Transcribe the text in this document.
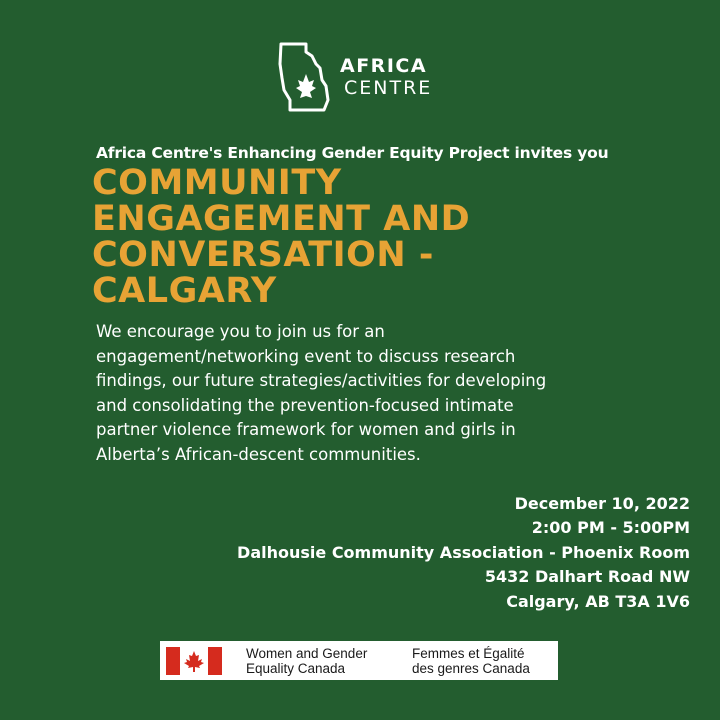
AFRICA
CENTRE
Africa Centre's Enhancing Gender Equity Project invites you
COMMUNITY
ENGAGEMENT AND
CONVERSATION -
CALGARY
We encourage you to join us for an
engagement/networking event to discuss research
findings, our future strategies/activities for developing
and consolidating the prevention-focused intimate
partner violence framework for women and girls in
Alberta’s African-descent communities.
December 10, 2022
2:00 PM - 5:00PM
Dalhousie Community Association - Phoenix Room
5432 Dalhart Road NW
Calgary, AB T3A 1V6
Women and Gender
Equality Canada
Femmes et Égalité
des genres Canada
